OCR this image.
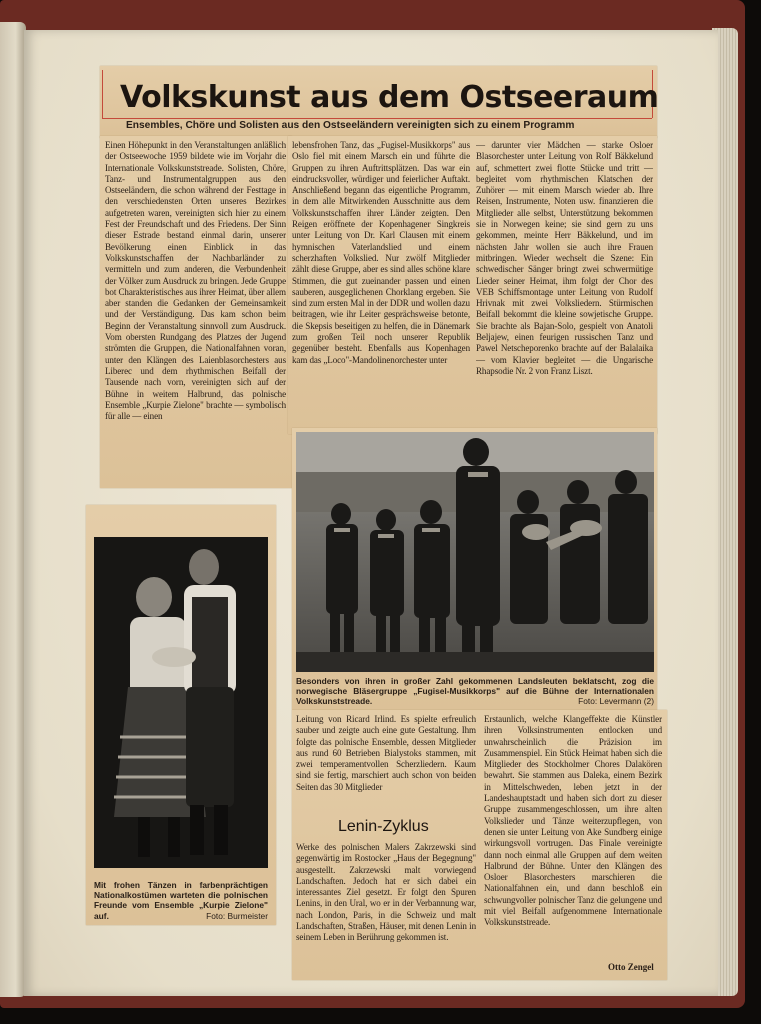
Volkskunst aus dem Ostseeraum
Ensembles, Chöre und Solisten aus den Ostseeländern vereinigten sich zu einem Programm
Einen Höhepunkt in den Veranstaltungen anläßlich der Ostseewoche 1959 bildete wie im Vorjahr die Internationale Volkskunststreade. Solisten, Chöre, Tanz- und Instrumentalgruppen aus den Ostseeländern, die schon während der Festtage in den verschiedensten Orten unseres Bezirkes aufgetreten waren, vereinigten sich hier zu einem Fest der Freundschaft und des Friedens. Der Sinn dieser Estrade bestand einmal darin, unserer Bevölkerung einen Einblick in das Volkskunstschaffen der Nachbarländer zu vermitteln und zum anderen, die Verbundenheit der Völker zum Ausdruck zu bringen. Jede Gruppe bot Charakteristisches aus ihrer Heimat, über allem aber standen die Gedanken der Gemeinsamkeit und der Verständigung. Das kam schon beim Beginn der Veranstaltung sinnvoll zum Ausdruck. Vom obersten Rundgang des Platzes der Jugend strömten die Gruppen, die Nationalfahnen voran, unter den Klängen des Laienblasorchesters aus Liberec und dem rhythmischen Beifall der Tausende nach vorn, vereinigten sich auf der Bühne in weitem Halbrund, das polnische Ensemble „Kurpie Zielone" brachte — symbolisch für alle — einen
lebensfrohen Tanz, das „Fugisel-Musikkorps" aus Oslo fiel mit einem Marsch ein und führte die Gruppen zu ihren Auftrittsplätzen. Das war ein eindrucksvoller, würdiger und feierlicher Auftakt. Anschließend begann das eigentliche Programm, in dem alle Mitwirkenden Ausschnitte aus dem Volkskunstschaffen ihrer Länder zeigten. Den Reigen eröffnete der Kopenhagener Singkreis unter Leitung von Dr. Karl Clausen mit einem hymnischen Vaterlandslied und einem scherzhaften Volkslied. Nur zwölf Mitglieder zählt diese Gruppe, aber es sind alles schöne klare Stimmen, die gut zueinander passen und einen sauberen, ausgeglichenen Chorklang ergeben. Sie sind zum ersten Mal in der DDR und wollen dazu beitragen, wie ihr Leiter gesprächsweise betonte, die Skepsis beseitigen zu helfen, die in Dänemark zum großen Teil noch unserer Republik gegenüber besteht. Ebenfalls aus Kopenhagen kam das „Loco"-Mandolinenorchester unter
— darunter vier Mädchen — starke Osloer Blasorchester unter Leitung von Rolf Bäkkelund auf, schmettert zwei flotte Stücke und tritt — begleitet vom rhythmischen Klatschen der Zuhörer — mit einem Marsch wieder ab. Ihre Reisen, Instrumente, Noten usw. finanzieren die Mitglieder alle selbst, Unterstützung bekommen sie in Norwegen keine; sie sind gern zu uns gekommen, meinte Herr Bäkkelund, und im nächsten Jahr wollen sie auch ihre Frauen mitbringen. Wieder wechselt die Szene: Ein schwedischer Sänger bringt zwei schwermütige Lieder seiner Heimat, ihm folgt der Chor des VEB Schiffsmontage unter Leitung von Rudolf Hrivnak mit zwei Volksliedern. Stürmischen Beifall bekommt die kleine sowjetische Gruppe. Sie brachte als Bajan-Solo, gespielt von Anatoli Beljajew, einen feurigen russischen Tanz und Pawel Netscheporenko brachte auf der Balalaika — vom Klavier begleitet — die Ungarische Rhapsodie Nr. 2 von Franz Liszt.
Besonders von ihren in großer Zahl gekommenen Landsleuten beklatscht, zog die norwegische Bläsergruppe „Fugisel-Musikkorps" auf die Bühne der Internationalen Volkskunststreade.	Foto: Levermann (2)
Leitung von Ricard Irlind. Es spielte erfreulich sauber und zeigte auch eine gute Gestaltung. Ihm folgte das polnische Ensemble, dessen Mitglieder aus rund 60 Betrieben Bialystoks stammen, mit zwei temperamentvollen Scherzliedern. Kaum sind sie fertig, marschiert auch schon von beiden Seiten das 30 Mitglieder
Lenin-Zyklus
Werke des polnischen Malers Zakrzewski sind gegenwärtig im Rostocker „Haus der Begegnung" ausgestellt. Zakrzewski malt vorwiegend Landschaften. Jedoch hat er sich dabei ein interessantes Ziel gesetzt. Er folgt den Spuren Lenins, in den Ural, wo er in der Verbannung war, nach London, Paris, in die Schweiz und malt Landschaften, Straßen, Häuser, mit denen Lenin in seinem Leben in Berührung gekommen ist.
Erstaunlich, welche Klangeffekte die Künstler ihren Volksinstrumenten entlocken und unwahrscheinlich die Präzision im Zusammenspiel. Ein Stück Heimat haben sich die Mitglieder des Stockholmer Chores Dalakören bewahrt. Sie stammen aus Daleka, einem Bezirk in Mittelschweden, leben jetzt in der Landeshauptstadt und haben sich dort zu dieser Gruppe zusammengeschlossen, um ihre alten Volkslieder und Tänze weiterzupflegen, von denen sie unter Leitung von Ake Sundberg einige wirkungsvoll vortrugen. Das Finale vereinigte dann noch einmal alle Gruppen auf dem weiten Halbrund der Bühne. Unter den Klängen des Osloer Blasorchesters marschieren die Nationalfahnen ein, und dann beschloß ein schwungvoller polnischer Tanz die gelungene und mit viel Beifall aufgenommene Internationale Volkskunststreade.
Otto Zengel
Mit frohen Tänzen in farbenprächtigen Nationalkostümen warteten die polnischen Freunde vom Ensemble „Kurpie Zielone" auf.	Foto: Burmeister
